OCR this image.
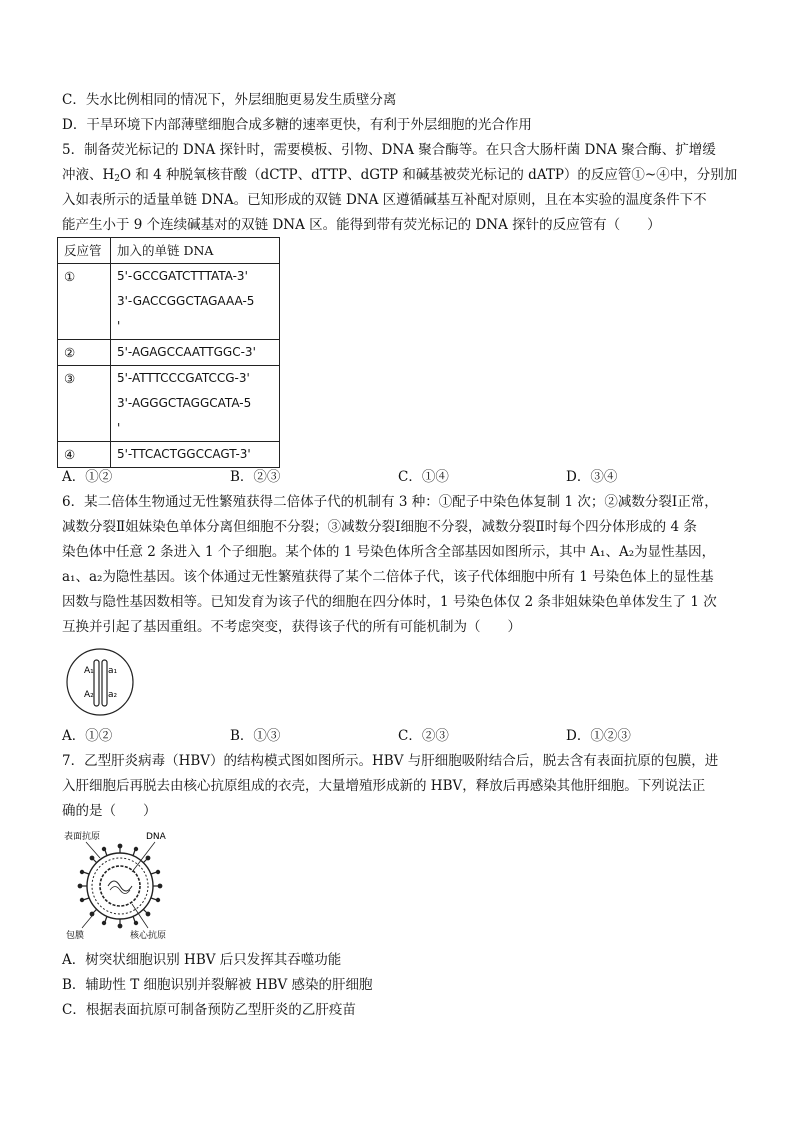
C．失水比例相同的情况下，外层细胞更易发生质壁分离
D．干旱环境下内部薄壁细胞合成多糖的速率更快，有利于外层细胞的光合作用
5．制备荧光标记的 DNA 探针时，需要模板、引物、DNA 聚合酶等。在只含大肠杆菌 DNA 聚合酶、扩增缓
冲液、$H_2O$ 和 4 种脱氧核苷酸（dCTP、dTTP、dGTP 和碱基被荧光标记的 dATP）的反应管①~④中，分别加
入如表所示的适量单链 DNA。已知形成的双链 DNA 区遵循碱基互补配对原则，且在本实验的温度条件下不
能产生小于 9 个连续碱基对的双链 DNA 区。能得到带有荧光标记的 DNA 探针的反应管有（　　）
反应管	加入的单链 DNA
①	5'-GCCGATCTTTATA-3'
3'-GACCGGCTAGAAA-5
'

②	5'-AGAGCCAATTGGC-3'

③	5'-ATTTCCCGATCCG-3'
3'-AGGGCTAGGCATA-5
'

④	5'-TTCACTGGCCAGT-3'
A．①②	B．②③	C．①④	D．③④
6．某二倍体生物通过无性繁殖获得二倍体子代的机制有 3 种：①配子中染色体复制 1 次；②减数分裂Ⅰ正常，
减数分裂Ⅱ姐妹染色单体分离但细胞不分裂；③减数分裂Ⅰ细胞不分裂，减数分裂Ⅱ时每个四分体形成的 4 条
染色体中任意 2 条进入 1 个子细胞。某个体的 1 号染色体所含全部基因如图所示，其中 A₁、A₂为显性基因，
a₁、a₂为隐性基因。该个体通过无性繁殖获得了某个二倍体子代，该子代体细胞中所有 1 号染色体上的显性基
因数与隐性基因数相等。已知发育为该子代的细胞在四分体时，1 号染色体仅 2 条非姐妹染色单体发生了 1 次
互换并引起了基因重组。不考虑突变，获得该子代的所有可能机制为（　　）
A₁ a₁
A₂ a₂
A．①②	B．①③	C．②③	D．①②③
7．乙型肝炎病毒（HBV）的结构模式图如图所示。HBV 与肝细胞吸附结合后，脱去含有表面抗原的包膜，进
入肝细胞后再脱去由核心抗原组成的衣壳，大量增殖形成新的 HBV，释放后再感染其他肝细胞。下列说法正
确的是（　　）
表面抗原	DNA
包膜	核心抗原
A．树突状细胞识别 HBV 后只发挥其吞噬功能
B．辅助性 T 细胞识别并裂解被 HBV 感染的肝细胞
C．根据表面抗原可制备预防乙型肝炎的乙肝疫苗
